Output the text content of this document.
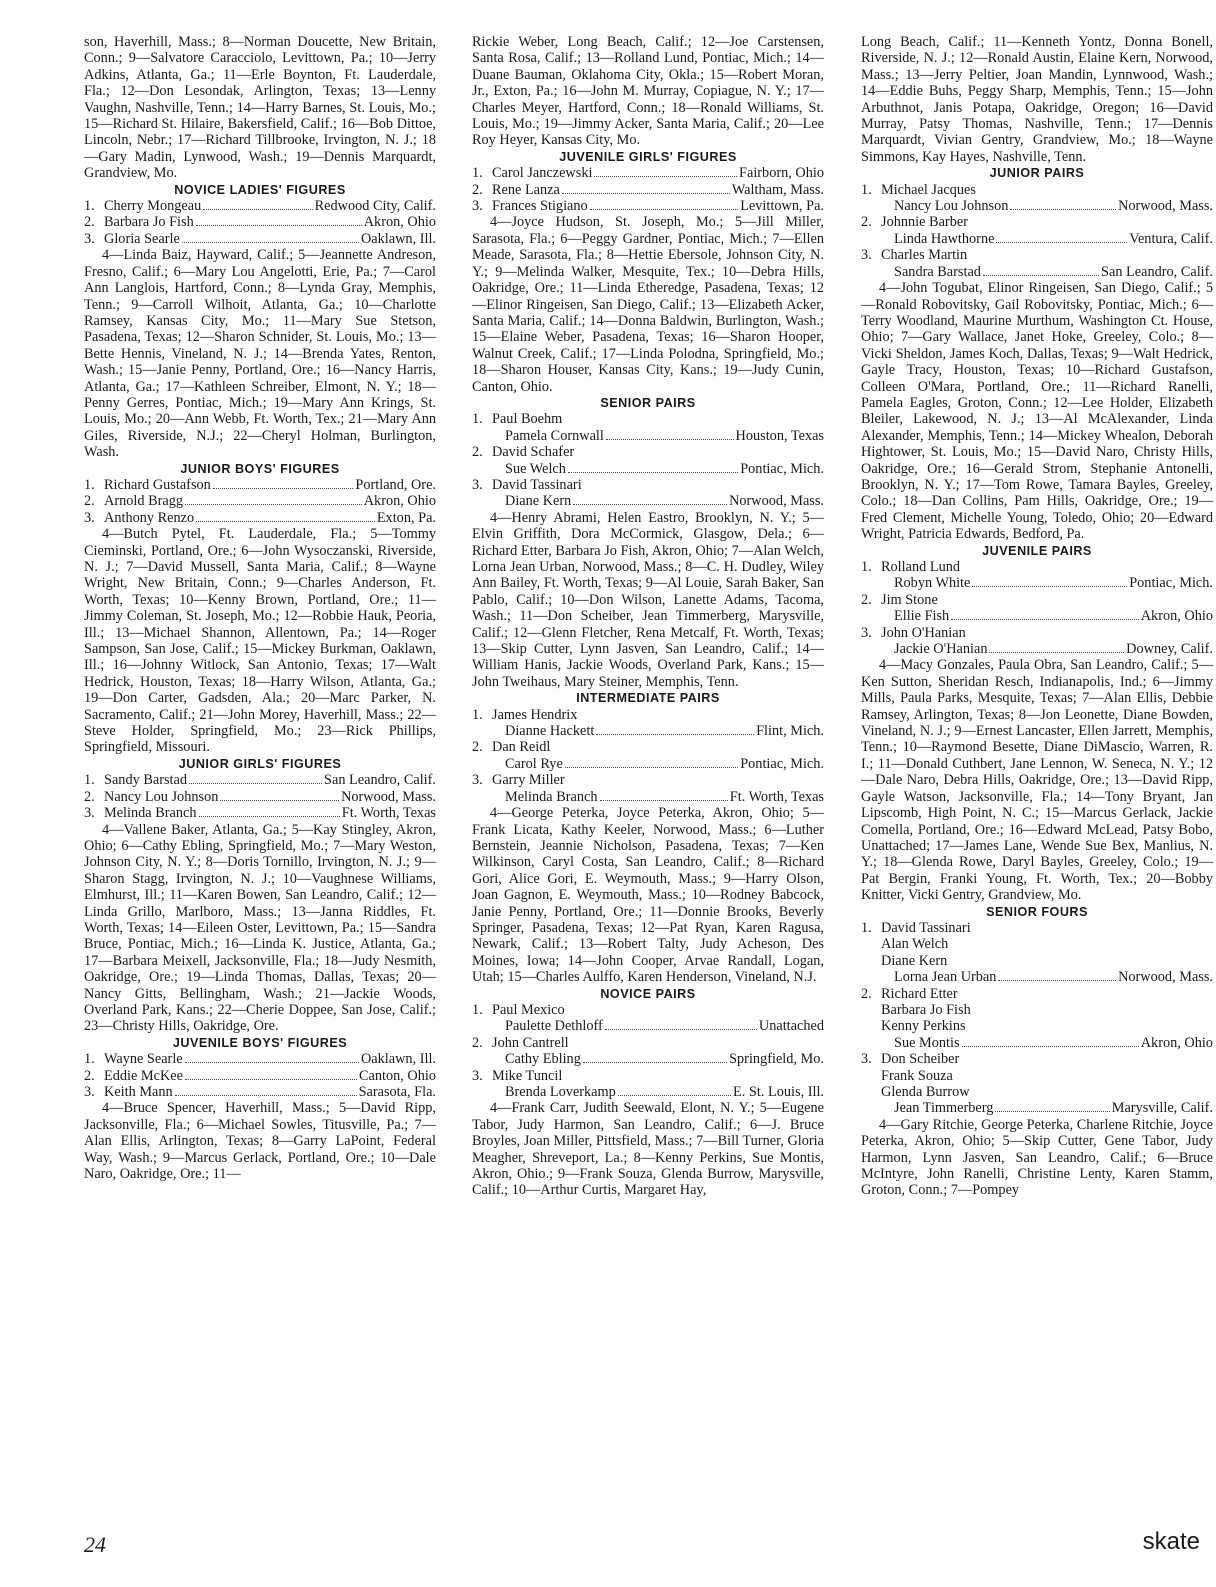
son, Haverhill, Mass.; 8—Norman Doucette, New Britain, Conn.; 9—Salvatore Caracciolo, Levittown, Pa.; 10—Jerry Adkins, Atlanta, Ga.; 11—Erle Boynton, Ft. Lauderdale, Fla.; 12—Don Lesondak, Arlington, Texas; 13—Lenny Vaughn, Nashville, Tenn.; 14—Harry Barnes, St. Louis, Mo.; 15—Richard St. Hilaire, Bakersfield, Calif.; 16—Bob Dittoe, Lincoln, Nebr.; 17—Richard Tillbrooke, Irvington, N. J.; 18—Gary Madin, Lynwood, Wash.; 19—Dennis Marquardt, Grandview, Mo.

NOVICE LADIES' FIGURES
1. Cherry Mongeau	Redwood City, Calif.
2. Barbara Jo Fish	Akron, Ohio
3. Gloria Searle	Oaklawn, Ill.

4—Linda Baiz, Hayward, Calif.; 5—Jeannette Andreson, Fresno, Calif.; 6—Mary Lou Angelotti, Erie, Pa.; 7—Carol Ann Langlois, Hartford, Conn.; 8—Lynda Gray, Memphis, Tenn.; 9—Carroll Wilhoit, Atlanta, Ga.; 10—Charlotte Ramsey, Kansas City, Mo.; 11—Mary Sue Stetson, Pasadena, Texas; 12—Sharon Schnider, St. Louis, Mo.; 13—Bette Hennis, Vineland, N. J.; 14—Brenda Yates, Renton, Wash.; 15—Janie Penny, Portland, Ore.; 16—Nancy Harris, Atlanta, Ga.; 17—Kathleen Schreiber, Elmont, N. Y.; 18—Penny Gerres, Pontiac, Mich.; 19—Mary Ann Krings, St. Louis, Mo.; 20—Ann Webb, Ft. Worth, Tex.; 21—Mary Ann Giles, Riverside, N.J.; 22—Cheryl Holman, Burlington, Wash.

JUNIOR BOYS' FIGURES
1. Richard Gustafson	Portland, Ore.
2. Arnold Bragg	Akron, Ohio
3. Anthony Renzo	Exton, Pa.

4—Butch Pytel, Ft. Lauderdale, Fla.; 5—Tommy Cieminski, Portland, Ore.; 6—John Wysoczanski, Riverside, N. J.; 7—David Mussell, Santa Maria, Calif.; 8—Wayne Wright, New Britain, Conn.; 9—Charles Anderson, Ft. Worth, Texas; 10—Kenny Brown, Portland, Ore.; 11—Jimmy Coleman, St. Joseph, Mo.; 12—Robbie Hauk, Peoria, Ill.; 13—Michael Shannon, Allentown, Pa.; 14—Roger Sampson, San Jose, Calif.; 15—Mickey Burkman, Oaklawn, Ill.; 16—Johnny Witlock, San Antonio, Texas; 17—Walt Hedrick, Houston, Texas; 18—Harry Wilson, Atlanta, Ga.; 19—Don Carter, Gadsden, Ala.; 20—Marc Parker, N. Sacramento, Calif.; 21—John Morey, Haverhill, Mass.; 22—Steve Holder, Springfield, Mo.; 23—Rick Phillips, Springfield, Missouri.

JUNIOR GIRLS' FIGURES
1. Sandy Barstad	San Leandro, Calif.
2. Nancy Lou Johnson	Norwood, Mass.
3. Melinda Branch	Ft. Worth, Texas

4—Vallene Baker, Atlanta, Ga.; 5—Kay Stingley, Akron, Ohio; 6—Cathy Ebling, Springfield, Mo.; 7—Mary Weston, Johnson City, N. Y.; 8—Doris Tornillo, Irvington, N. J.; 9—Sharon Stagg, Irvington, N. J.; 10—Vaughnese Williams, Elmhurst, Ill.; 11—Karen Bowen, San Leandro, Calif.; 12—Linda Grillo, Marlboro, Mass.; 13—Janna Riddles, Ft. Worth, Texas; 14—Eileen Oster, Levittown, Pa.; 15—Sandra Bruce, Pontiac, Mich.; 16—Linda K. Justice, Atlanta, Ga.; 17—Barbara Meixell, Jacksonville, Fla.; 18—Judy Nesmith, Oakridge, Ore.; 19—Linda Thomas, Dallas, Texas; 20—Nancy Gitts, Bellingham, Wash.; 21—Jackie Woods, Overland Park, Kans.; 22—Cherie Doppee, San Jose, Calif.; 23—Christy Hills, Oakridge, Ore.

JUVENILE BOYS' FIGURES
1. Wayne Searle	Oaklawn, Ill.
2. Eddie McKee	Canton, Ohio
3. Keith Mann	Sarasota, Fla.

4—Bruce Spencer, Haverhill, Mass.; 5—David Ripp, Jacksonville, Fla.; 6—Michael Sowles, Titusville, Pa.; 7—Alan Ellis, Arlington, Texas; 8—Garry LaPoint, Federal Way, Wash.; 9—Marcus Gerlack, Portland, Ore.; 10—Dale Naro, Oakridge, Ore.; 11—

Rickie Weber, Long Beach, Calif.; 12—Joe Carstensen, Santa Rosa, Calif.; 13—Rolland Lund, Pontiac, Mich.; 14—Duane Bauman, Oklahoma City, Okla.; 15—Robert Moran, Jr., Exton, Pa.; 16—John M. Murray, Copiague, N. Y.; 17—Charles Meyer, Hartford, Conn.; 18—Ronald Williams, St. Louis, Mo.; 19—Jimmy Acker, Santa Maria, Calif.; 20—Lee Roy Heyer, Kansas City, Mo.

JUVENILE GIRLS' FIGURES
1. Carol Janczewski	Fairborn, Ohio
2. Rene Lanza	Waltham, Mass.
3. Frances Stigiano	Levittown, Pa.

4—Joyce Hudson, St. Joseph, Mo.; 5—Jill Miller, Sarasota, Fla.; 6—Peggy Gardner, Pontiac, Mich.; 7—Ellen Meade, Sarasota, Fla.; 8—Hettie Ebersole, Johnson City, N. Y.; 9—Melinda Walker, Mesquite, Tex.; 10—Debra Hills, Oakridge, Ore.; 11—Linda Etheredge, Pasadena, Texas; 12—Elinor Ringeisen, San Diego, Calif.; 13—Elizabeth Acker, Santa Maria, Calif.; 14—Donna Baldwin, Burlington, Wash.; 15—Elaine Weber, Pasadena, Texas; 16—Sharon Hooper, Walnut Creek, Calif.; 17—Linda Polodna, Springfield, Mo.; 18—Sharon Houser, Kansas City, Kans.; 19—Judy Cunin, Canton, Ohio.

SENIOR PAIRS
1. Paul Boehm
Pamela Cornwall	Houston, Texas
2. David Schafer
Sue Welch	Pontiac, Mich.
3. David Tassinari
Diane Kern	Norwood, Mass.

4—Henry Abrami, Helen Eastro, Brooklyn, N. Y.; 5—Elvin Griffith, Dora McCormick, Glasgow, Dela.; 6—Richard Etter, Barbara Jo Fish, Akron, Ohio; 7—Alan Welch, Lorna Jean Urban, Norwood, Mass.; 8—C. H. Dudley, Wiley Ann Bailey, Ft. Worth, Texas; 9—Al Louie, Sarah Baker, San Pablo, Calif.; 10—Don Wilson, Lanette Adams, Tacoma, Wash.; 11—Don Scheiber, Jean Timmerberg, Marysville, Calif.; 12—Glenn Fletcher, Rena Metcalf, Ft. Worth, Texas; 13—Skip Cutter, Lynn Jasven, San Leandro, Calif.; 14—William Hanis, Jackie Woods, Overland Park, Kans.; 15—John Tweihaus, Mary Steiner, Memphis, Tenn.

INTERMEDIATE PAIRS
1. James Hendrix
Dianne Hackett	Flint, Mich.
2. Dan Reidl
Carol Rye	Pontiac, Mich.
3. Garry Miller
Melinda Branch	Ft. Worth, Texas

4—George Peterka, Joyce Peterka, Akron, Ohio; 5—Frank Licata, Kathy Keeler, Norwood, Mass.; 6—Luther Bernstein, Jeannie Nicholson, Pasadena, Texas; 7—Ken Wilkinson, Caryl Costa, San Leandro, Calif.; 8—Richard Gori, Alice Gori, E. Weymouth, Mass.; 9—Harry Olson, Joan Gagnon, E. Weymouth, Mass.; 10—Rodney Babcock, Janie Penny, Portland, Ore.; 11—Donnie Brooks, Beverly Springer, Pasadena, Texas; 12—Pat Ryan, Karen Ragusa, Newark, Calif.; 13—Robert Talty, Judy Acheson, Des Moines, Iowa; 14—John Cooper, Arvae Randall, Logan, Utah; 15—Charles Aulffo, Karen Henderson, Vineland, N.J.

NOVICE PAIRS
1. Paul Mexico
Paulette Dethloff	Unattached
2. John Cantrell
Cathy Ebling	Springfield, Mo.
3. Mike Tuncil
Brenda Loverkamp	E. St. Louis, Ill.

4—Frank Carr, Judith Seewald, Elont, N. Y.; 5—Eugene Tabor, Judy Harmon, San Leandro, Calif.; 6—J. Bruce Broyles, Joan Miller, Pittsfield, Mass.; 7—Bill Turner, Gloria Meagher, Shreveport, La.; 8—Kenny Perkins, Sue Montis, Akron, Ohio.; 9—Frank Souza, Glenda Burrow, Marysville, Calif.; 10—Arthur Curtis, Margaret Hay,

Long Beach, Calif.; 11—Kenneth Yontz, Donna Bonell, Riverside, N. J.; 12—Ronald Austin, Elaine Kern, Norwood, Mass.; 13—Jerry Peltier, Joan Mandin, Lynnwood, Wash.; 14—Eddie Buhs, Peggy Sharp, Memphis, Tenn.; 15—John Arbuthnot, Janis Potapa, Oakridge, Oregon; 16—David Murray, Patsy Thomas, Nashville, Tenn.; 17—Dennis Marquardt, Vivian Gentry, Grandview, Mo.; 18—Wayne Simmons, Kay Hayes, Nashville, Tenn.

JUNIOR PAIRS
1. Michael Jacques
Nancy Lou Johnson	Norwood, Mass.
2. Johnnie Barber
Linda Hawthorne	Ventura, Calif.
3. Charles Martin
Sandra Barstad	San Leandro, Calif.

4—John Togubat, Elinor Ringeisen, San Diego, Calif.; 5—Ronald Robovitsky, Gail Robovitsky, Pontiac, Mich.; 6—Terry Woodland, Maurine Murthum, Washington Ct. House, Ohio; 7—Gary Wallace, Janet Hoke, Greeley, Colo.; 8—Vicki Sheldon, James Koch, Dallas, Texas; 9—Walt Hedrick, Gayle Tracy, Houston, Texas; 10—Richard Gustafson, Colleen O'Mara, Portland, Ore.; 11—Richard Ranelli, Pamela Eagles, Groton, Conn.; 12—Lee Holder, Elizabeth Bleiler, Lakewood, N. J.; 13—Al McAlexander, Linda Alexander, Memphis, Tenn.; 14—Mickey Whealon, Deborah Hightower, St. Louis, Mo.; 15—David Naro, Christy Hills, Oakridge, Ore.; 16—Gerald Strom, Stephanie Antonelli, Brooklyn, N. Y.; 17—Tom Rowe, Tamara Bayles, Greeley, Colo.; 18—Dan Collins, Pam Hills, Oakridge, Ore.; 19—Fred Clement, Michelle Young, Toledo, Ohio; 20—Edward Wright, Patricia Edwards, Bedford, Pa.

JUVENILE PAIRS
1. Rolland Lund
Robyn White	Pontiac, Mich.
2. Jim Stone
Ellie Fish	Akron, Ohio
3. John O'Hanian
Jackie O'Hanian	Downey, Calif.

4—Macy Gonzales, Paula Obra, San Leandro, Calif.; 5—Ken Sutton, Sheridan Resch, Indianapolis, Ind.; 6—Jimmy Mills, Paula Parks, Mesquite, Texas; 7—Alan Ellis, Debbie Ramsey, Arlington, Texas; 8—Jon Leonette, Diane Bowden, Vineland, N. J.; 9—Ernest Lancaster, Ellen Jarrett, Memphis, Tenn.; 10—Raymond Besette, Diane DiMascio, Warren, R. I.; 11—Donald Cuthbert, Jane Lennon, W. Seneca, N. Y.; 12—Dale Naro, Debra Hills, Oakridge, Ore.; 13—David Ripp, Gayle Watson, Jacksonville, Fla.; 14—Tony Bryant, Jan Lipscomb, High Point, N. C.; 15—Marcus Gerlack, Jackie Comella, Portland, Ore.; 16—Edward McLead, Patsy Bobo, Unattached; 17—James Lane, Wende Sue Bex, Manlius, N. Y.; 18—Glenda Rowe, Daryl Bayles, Greeley, Colo.; 19—Pat Bergin, Franki Young, Ft. Worth, Tex.; 20—Bobby Knitter, Vicki Gentry, Grandview, Mo.

SENIOR FOURS
1. David Tassinari
Alan Welch
Diane Kern
Lorna Jean Urban	Norwood, Mass.
2. Richard Etter
Barbara Jo Fish
Kenny Perkins
Sue Montis	Akron, Ohio
3. Don Scheiber
Frank Souza
Glenda Burrow
Jean Timmerberg	Marysville, Calif.

4—Gary Ritchie, George Peterka, Charlene Ritchie, Joyce Peterka, Akron, Ohio; 5—Skip Cutter, Gene Tabor, Judy Harmon, Lynn Jasven, San Leandro, Calif.; 6—Bruce McIntyre, John Ranelli, Christine Lenty, Karen Stamm, Groton, Conn.; 7—Pompey

24	skate
